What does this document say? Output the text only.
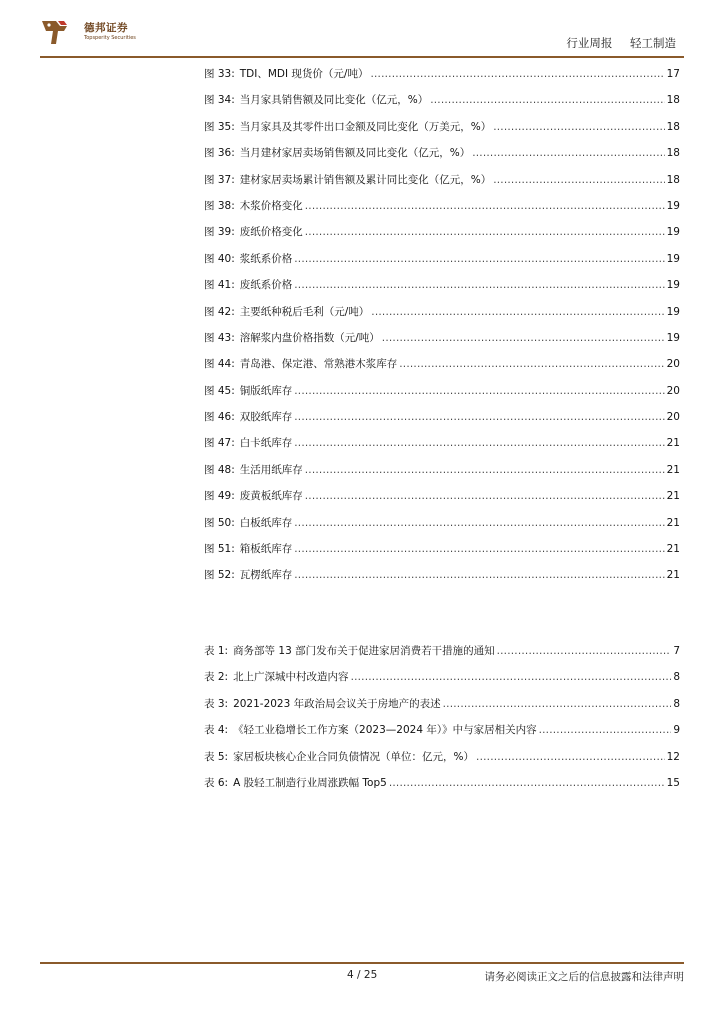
德邦证券
Topsperity Securities	行业周报 轻工制造
图 33: TDI、MDI 现货价（元/吨） .....	17
图 34: 当月家具销售额及同比变化（亿元，%） .....	18
图 35: 当月家具及其零件出口金额及同比变化（万美元，%） .....	18
图 36: 当月建材家居卖场销售额及同比变化（亿元，%） .....	18
图 37: 建材家居卖场累计销售额及累计同比变化（亿元，%） .....	18
图 38: 木浆价格变化 .....	19
图 39: 废纸价格变化 .....	19
图 40: 浆纸系价格 .....	19
图 41: 废纸系价格 .....	19
图 42: 主要纸种税后毛利（元/吨） .....	19
图 43: 溶解浆内盘价格指数（元/吨） .....	19
图 44: 青岛港、保定港、常熟港木浆库存 .....	20
图 45: 铜版纸库存 .....	20
图 46: 双胶纸库存 .....	20
图 47: 白卡纸库存 .....	21
图 48: 生活用纸库存 .....	21
图 49: 废黄板纸库存 .....	21
图 50: 白板纸库存 .....	21
图 51: 箱板纸库存 .....	21
图 52: 瓦楞纸库存 .....	21
表 1: 商务部等 13 部门发布关于促进家居消费若干措施的通知 .....	7
表 2: 北上广深城中村改造内容 .....	8
表 3: 2021-2023 年政治局会议关于房地产的表述 .....	8
表 4: 《轻工业稳增长工作方案（2023—2024 年）》中与家居相关内容 .....	9
表 5: 家居板块核心企业合同负债情况（单位：亿元，%） .....	12
表 6: A 股轻工制造行业周涨跌幅 Top5 .....	15
4 / 25	请务必阅读正文之后的信息披露和法律声明
